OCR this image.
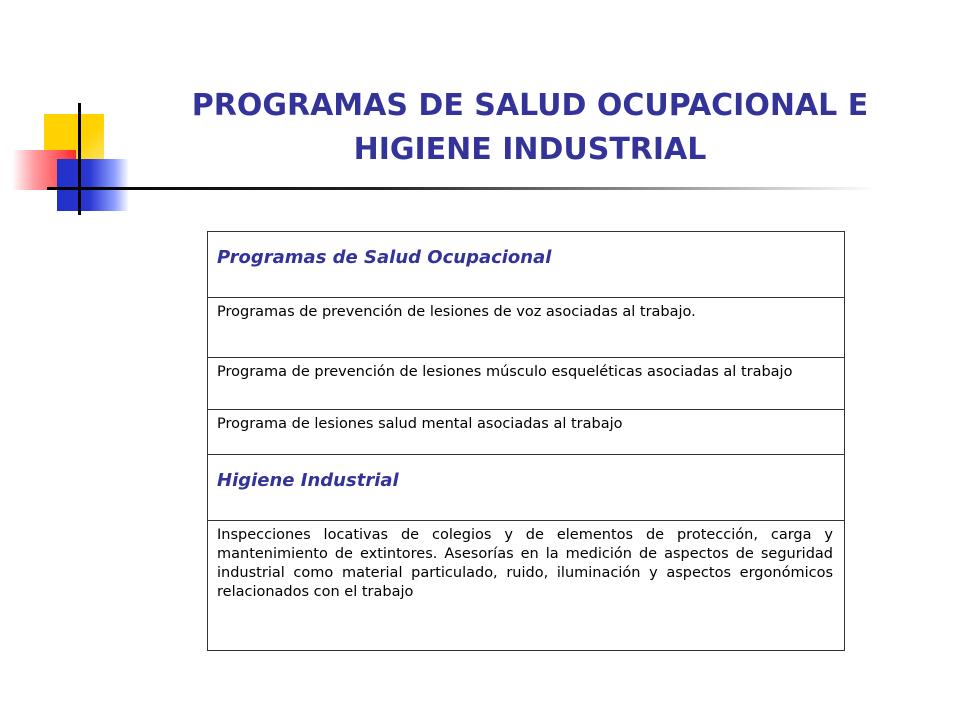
PROGRAMAS DE SALUD OCUPACIONAL E HIGIENE INDUSTRIAL
Programas de Salud Ocupacional
Programas de prevención de lesiones de voz asociadas al trabajo.
Programa de prevención de lesiones músculo esqueléticas asociadas al trabajo
Programa de lesiones salud mental asociadas al trabajo
Higiene Industrial
Inspecciones locativas de colegios y de elementos de protección, carga y mantenimiento de extintores. Asesorías en la medición de aspectos de seguridad industrial como material particulado, ruido, iluminación y aspectos ergonómicos relacionados con el trabajo
